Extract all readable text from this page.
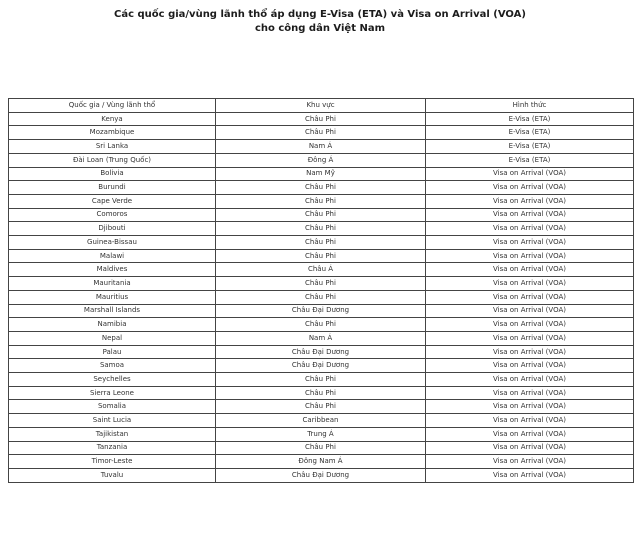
Các quốc gia/vùng lãnh thổ áp dụng E-Visa (ETA) và Visa on Arrival (VOA)
cho công dân Việt Nam
Quốc gia / Vùng lãnh thổ	Khu vực	Hình thức
Kenya	Châu Phi	E-Visa (ETA)
Mozambique	Châu Phi	E-Visa (ETA)
Sri Lanka	Nam Á	E-Visa (ETA)
Đài Loan (Trung Quốc)	Đông Á	E-Visa (ETA)
Bolivia	Nam Mỹ	Visa on Arrival (VOA)
Burundi	Châu Phi	Visa on Arrival (VOA)
Cape Verde	Châu Phi	Visa on Arrival (VOA)
Comoros	Châu Phi	Visa on Arrival (VOA)
Djibouti	Châu Phi	Visa on Arrival (VOA)
Guinea-Bissau	Châu Phi	Visa on Arrival (VOA)
Malawi	Châu Phi	Visa on Arrival (VOA)
Maldives	Châu Á	Visa on Arrival (VOA)
Mauritania	Châu Phi	Visa on Arrival (VOA)
Mauritius	Châu Phi	Visa on Arrival (VOA)
Marshall Islands	Châu Đại Dương	Visa on Arrival (VOA)
Namibia	Châu Phi	Visa on Arrival (VOA)
Nepal	Nam Á	Visa on Arrival (VOA)
Palau	Châu Đại Dương	Visa on Arrival (VOA)
Samoa	Châu Đại Dương	Visa on Arrival (VOA)
Seychelles	Châu Phi	Visa on Arrival (VOA)
Sierra Leone	Châu Phi	Visa on Arrival (VOA)
Somalia	Châu Phi	Visa on Arrival (VOA)
Saint Lucia	Caribbean	Visa on Arrival (VOA)
Tajikistan	Trung Á	Visa on Arrival (VOA)
Tanzania	Châu Phi	Visa on Arrival (VOA)
Timor-Leste	Đông Nam Á	Visa on Arrival (VOA)
Tuvalu	Châu Đại Dương	Visa on Arrival (VOA)
